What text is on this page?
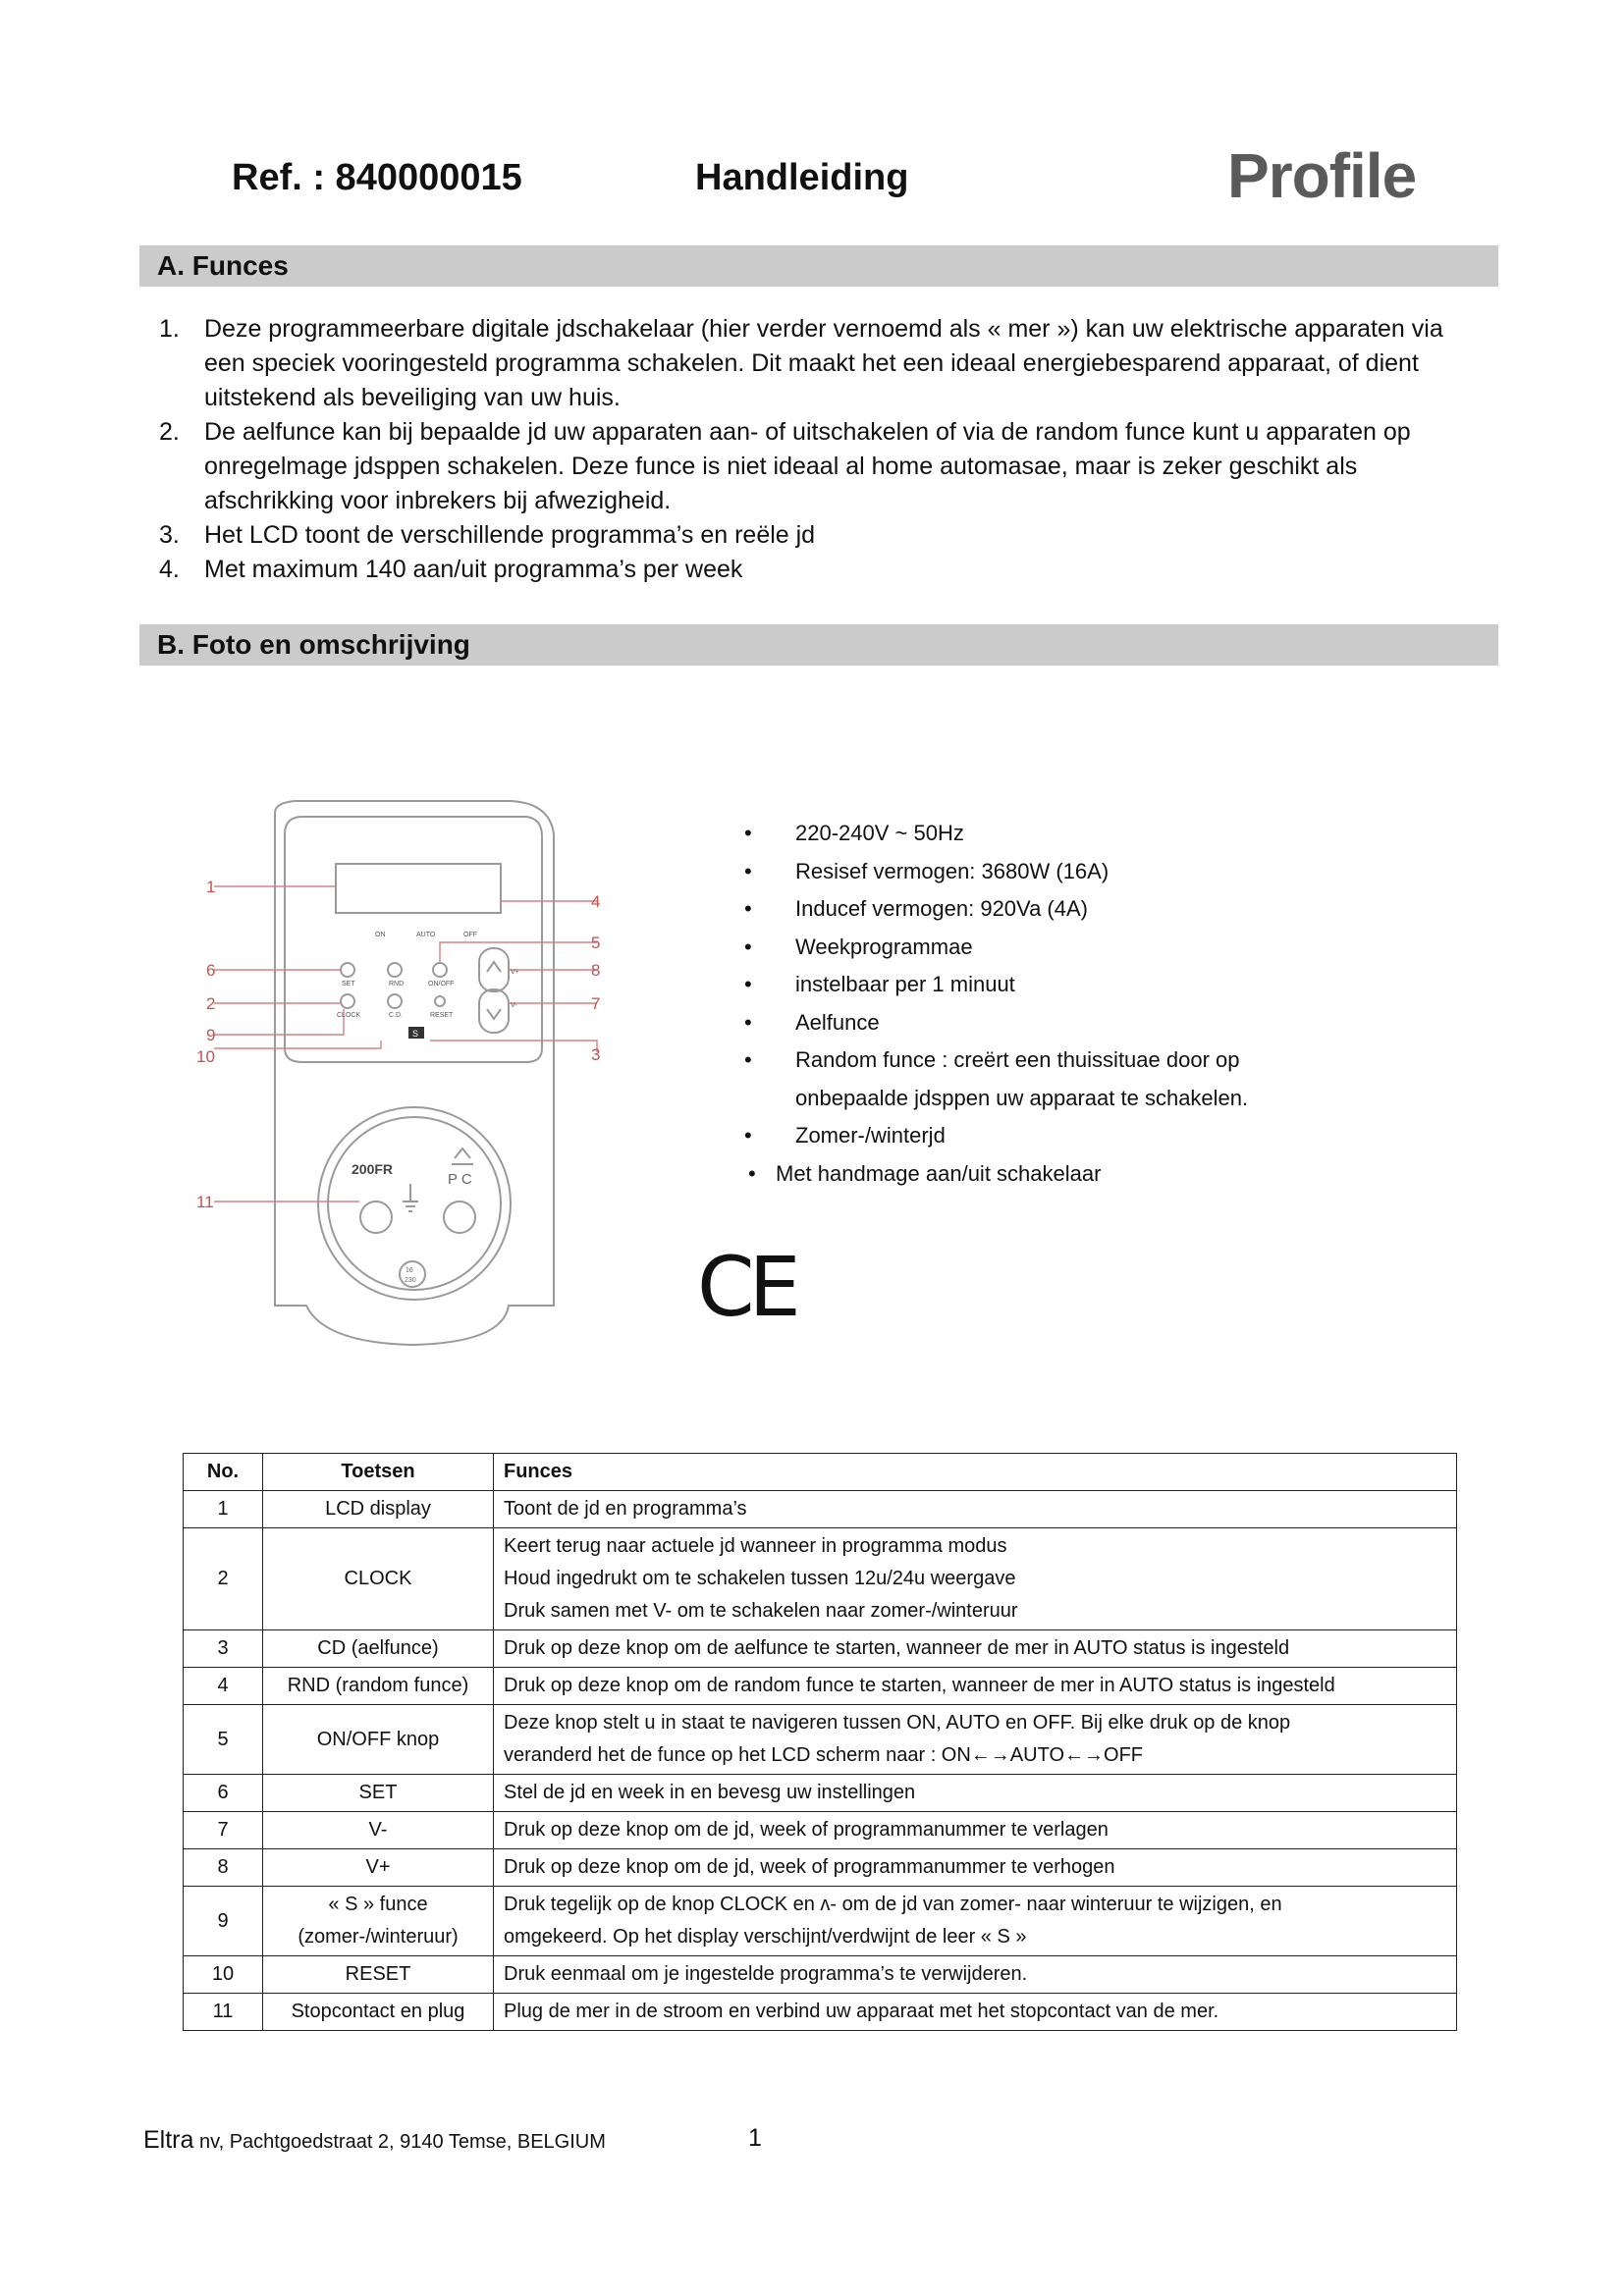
Ref. : 840000015	Handleiding	Profile
A. Funces
1. Deze programmeerbare digitale jdschakelaar (hier verder vernoemd als « mer ») kan uw elektrische apparaten via een speciek vooringesteld programma schakelen. Dit maakt het een ideaal energiebesparend apparaat, of dient uitstekend als beveiliging van uw huis.
2. De aelfunce kan bij bepaalde jd uw apparaten aan- of uitschakelen of via de random funce kunt u apparaten op onregelmage jdsppen schakelen. Deze funce is niet ideaal al home automasae, maar is zeker geschikt als afschrikking voor inbrekers bij afwezigheid.
3. Het LCD toont de verschillende programma’s en reële jd
4. Met maximum 140 aan/uit programma’s per week
B. Foto en omschrijving
1
6
2
9
10
11
4
5
8
7
3
ON	AUTO	OFF
SET	RND	ON/OFF
CLOCK	C.D.	RESET
V+
V-
S
200FR
P C
16
230
• 220-240V ~ 50Hz
• Resisef vermogen: 3680W (16A)
• Inducef vermogen: 920Va (4A)
• Weekprogrammae
• instelbaar per 1 minuut
• Aelfunce
• Random funce : creërt een thuissituae door op
onbepaalde jdsppen uw apparaat te schakelen.
• Zomer-/winterjd
• Met handmage aan/uit schakelaar
CE
No.	Toetsen	Funces
1	LCD display	Toont de jd en programma’s

2	CLOCK	Keert terug naar actuele jd wanneer in programma modus
Houd ingedrukt om te schakelen tussen 12u/24u weergave
Druk samen met V- om te schakelen naar zomer-/winteruur

3	CD (aelfunce)	Druk op deze knop om de aelfunce te starten, wanneer de mer in AUTO status is ingesteld

4	RND (random funce)	Druk op deze knop om de random funce te starten, wanneer de mer in AUTO status is ingesteld

5	ON/OFF knop	Deze knop stelt u in staat te navigeren tussen ON, AUTO en OFF. Bij elke druk op de knop
veranderd het de funce op het LCD scherm naar : ON←→AUTO←→OFF

6	SET	Stel de jd en week in en bevesg uw instellingen

7	V-	Druk op deze knop om de jd, week of programmanummer te verlagen

8	V+	Druk op deze knop om de jd, week of programmanummer te verhogen

9	« S » funce (zomer-/winteruur)	Druk tegelijk op de knop CLOCK en ʌ- om de jd van zomer- naar winteruur te wijzigen, en
omgekeerd. Op het display verschijnt/verdwijnt de leer « S »

10	RESET	Druk eenmaal om je ingestelde programma’s te verwijderen.

11	Stopcontact en plug	Plug de mer in de stroom en verbind uw apparaat met het stopcontact van de mer.
Eltra nv, Pachtgoedstraat 2, 9140 Temse, BELGIUM	1
